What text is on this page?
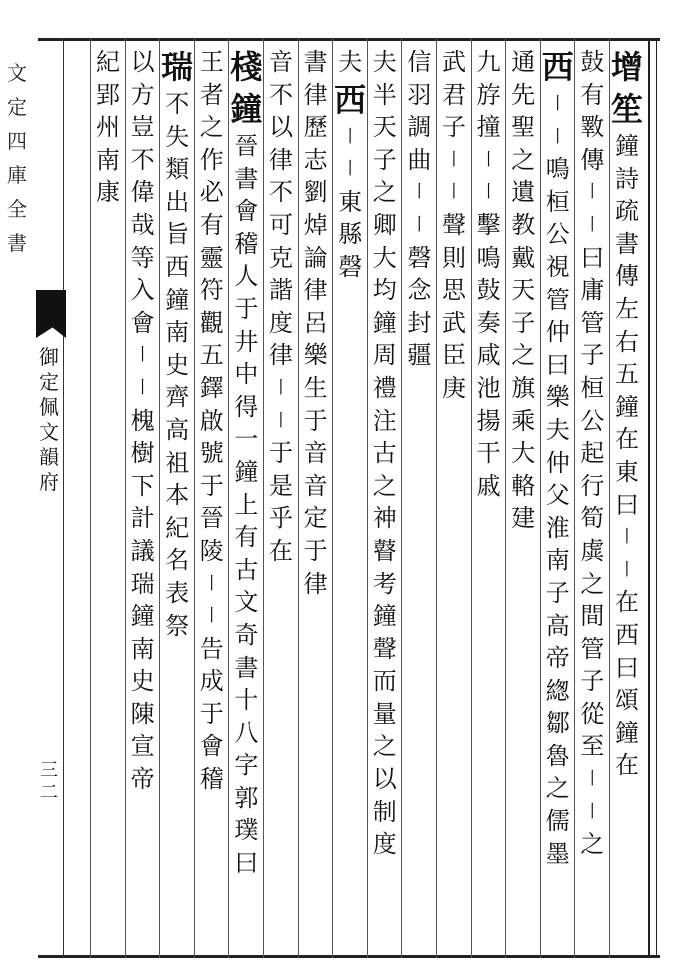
文
定
四
庫
全
書
御
定
佩
文
韻
府
三
二
增
笙
鐘
詩
疏
書
傳
左
右
五
鐘
在
東
曰
丨
丨
在
西
曰
頌
鐘
在
鼔
有
斁
傳
丨
丨
曰
庸
管
子
桓
公
起
行
筍
虡
之
間
管
子
從
至
丨
丨
之
西
丨
丨
鳴
桓
公
視
管
仲
曰
樂
夫
仲
父
淮
南
子
高
帝
緫
鄒
魯
之
儒
墨
通
先
聖
之
遺
教
戴
天
子
之
旗
乘
大
輅
建
九
斿
撞
丨
丨
擊
鳴
鼔
奏
咸
池
揚
干
戚
武
君
子
丨
丨
聲
則
思
武
臣
庚
信
羽
調
曲
丨
丨
磬
念
封
疆
夫
半
天
子
之
卿
大
均
鐘
周
禮
注
古
之
神
瞽
考
鐘
聲
而
量
之
以
制
度
夫
西
丨
丨
東
縣
磬
書
律
歷
志
劉
焯
論
律
呂
樂
生
于
音
音
定
于
律
音
不
以
律
不
可
克
諧
度
律
丨
丨
于
是
乎
在
棧
鐘
晉
書
會
稽
人
于
井
中
得
一
鐘
上
有
古
文
奇
書
十
八
字
郭
璞
曰
王
者
之
作
必
有
靈
符
觀
五
鐸
啟
號
于
晉
陵
丨
丨
告
成
于
會
稽
瑞
不
失
類
出
旨
西
鐘
南
史
齊
高
祖
本
紀
名
表
祭
以
方
豈
不
偉
哉
等
入
會
丨
丨
槐
樹
下
計
議
瑞
鐘
南
史
陳
宣
帝
紀
郢
州
南
康
